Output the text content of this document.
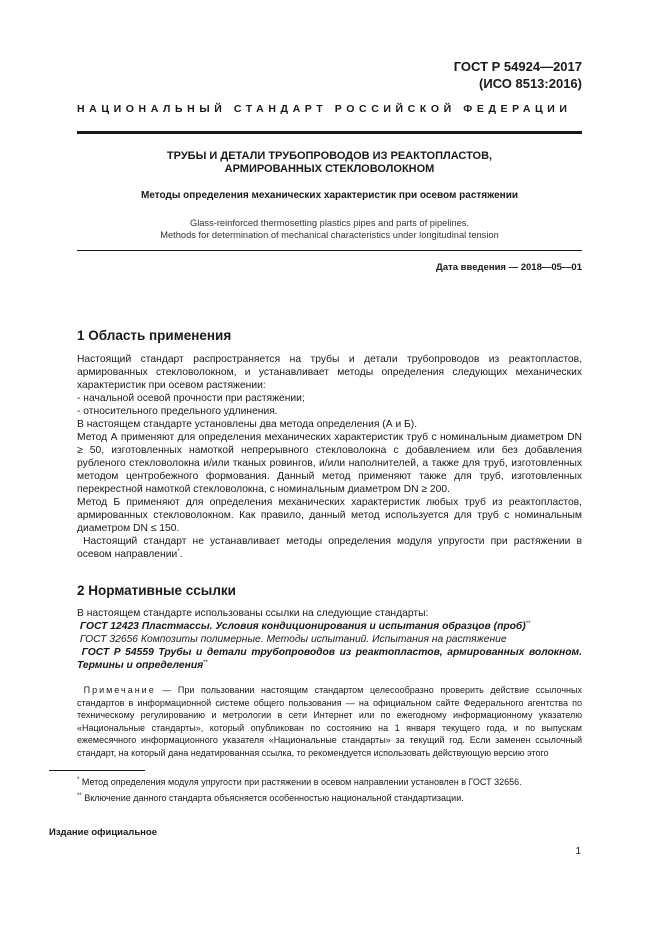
ГОСТ Р 54924—2017
(ИСО 8513:2016)
НАЦИОНАЛЬНЫЙ СТАНДАРТ РОССИЙСКОЙ ФЕДЕРАЦИИ
ТРУБЫ И ДЕТАЛИ ТРУБОПРОВОДОВ ИЗ РЕАКТОПЛАСТОВ,
АРМИРОВАННЫХ СТЕКЛОВОЛОКНОМ
Методы определения механических характеристик при осевом растяжении
Glass-reinforced thermosetting plastics pipes and parts of pipelines.
Methods for determination of mechanical characteristics under longitudinal tension
Дата введения — 2018—05—01
1 Область применения
Настоящий стандарт распространяется на трубы и детали трубопроводов из реактопластов, армированных стекловолокном, и устанавливает методы определения следующих механических характеристик при осевом растяжении:
- начальной осевой прочности при растяжении;
- относительного предельного удлинения.
В настоящем стандарте установлены два метода определения (А и Б).
Метод А применяют для определения механических характеристик труб с номинальным диаметром DN ≥ 50, изготовленных намоткой непрерывного стекловолокна с добавлением или без добавления рубленого стекловолокна и/или тканых ровингов, и/или наполнителей, а также для труб, изготовленных методом центробежного формования. Данный метод применяют также для труб, изготовленных перекрестной намоткой стекловолокна, с номинальным диаметром DN ≥ 200.
Метод Б применяют для определения механических характеристик любых труб из реактопластов, армированных стекловолокном. Как правило, данный метод используется для труб с номинальным диаметром DN ≤ 150.
Настоящий стандарт не устанавливает методы определения модуля упругости при растяжении в осевом направлении*.
2 Нормативные ссылки
В настоящем стандарте использованы ссылки на следующие стандарты:
ГОСТ 12423 Пластмассы. Условия кондиционирования и испытания образцов (проб)**
ГОСТ 32656 Композиты полимерные. Методы испытаний. Испытания на растяжение
ГОСТ Р 54559 Трубы и детали трубопроводов из реактопластов, армированных волокном. Термины и определения**
Примечание — При пользовании настоящим стандартом целесообразно проверить действие ссылочных стандартов в информационной системе общего пользования — на официальном сайте Федерального агентства по техническому регулированию и метрологии в сети Интернет или по ежегодному информационному указателю «Национальные стандарты», который опубликован по состоянию на 1 января текущего года, и по выпускам ежемесячного информационного указателя «Национальные стандарты» за текущий год. Если заменен ссылочный стандарт, на который дана недатированная ссылка, то рекомендуется использовать действующую версию этого
* Метод определения модуля упругости при растяжении в осевом направлении установлен в ГОСТ 32656.
** Включение данного стандарта объясняется особенностью национальной стандартизации.
Издание официальное
1
